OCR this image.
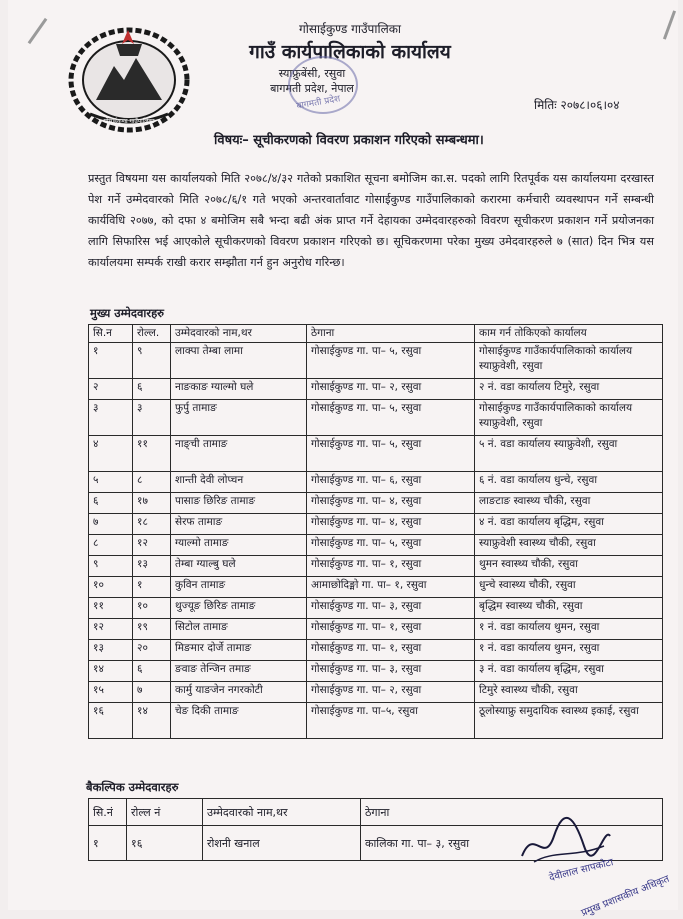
गोसाईकुण्ड गाउँपालिका
गोसाईकुण्ड गाउँपालिका
गाउँ कार्यपालिकाको कार्यालय
स्याफ्रुबेंसी, रसुवा
बागमती प्रदेश, नेपाल
बागमती प्रदेश	मितिः २०७८।०६।०४
विषयः– सूचीकरणको विवरण प्रकाशन गरिएको सम्बन्धमा।

प्रस्तुत विषयमा यस कार्यालयको मिति २०७८/४/३२ गतेको प्रकाशित सूचना बमोजिम का.स. पदको लागि रितपूर्वक यस कार्यालयमा दरखास्त पेश गर्ने उम्मेदवारको मिति २०७८/६/१ गते भएको अन्तरवार्तावाट गोसाईकुण्ड गाउँपालिकाको करारमा कर्मचारी व्यवस्थापन गर्ने सम्बन्धी कार्यविधि २०७७, को दफा ४ बमोजिम सबै भन्दा बढी अंक प्राप्त गर्ने देहायका उम्मेदवारहरुको विवरण सूचीकरण प्रकाशन गर्ने प्रयोजनका लागि सिफारिस भई आएकोले सूचीकरणको विवरण प्रकाशन गरिएको छ। सूचिकरणमा परेका मुख्य उमेदवारहरुले ७ (सात) दिन भित्र यस कार्यालयमा सम्पर्क राखी करार सम्झौता गर्न हुन अनुरोध गरिन्छ।

मुख्य उम्मेदवारहरु
सि.न	रोल्ल.	उम्मेदवारको नाम,थर	ठेगाना	काम गर्न तोकिएको कार्यालय
१	९	लाक्पा तेम्बा लामा	गोसाईकुण्ड गा. पा– ५, रसुवा	गोसाईकुण्ड गाउँकार्यपालिकाको कार्यालय स्याफ्रुवेशी, रसुवा
२	६	नाङकाङ ग्याल्मो घले	गोसाईकुण्ड गा. पा– २, रसुवा	२ नं. वडा कार्यालय टिमुरे, रसुवा
३	३	फुर्पु तामाङ	गोसाईकुण्ड गा. पा– ५, रसुवा	गोसाईकुण्ड गाउँकार्यपालिकाको कार्यालय स्याफ्रुवेशी, रसुवा
४	११	नाङ्ची तामाङ	गोसाईकुण्ड गा. पा– ५, रसुवा	५ नं. वडा कार्यालय स्याफ्रुवेशी, रसुवा
५	८	शान्ती देवी लोप्चन	गोसाईकुण्ड गा. पा– ६, रसुवा	६ नं. वडा कार्यालय धुन्चे, रसुवा
६	१७	पासाङ छिरिङ तामाङ	गोसाईकुण्ड गा. पा– ४, रसुवा	लाङटाङ स्वास्थ्य चौकी, रसुवा
७	१८	सेरफ तामाङ	गोसाईकुण्ड गा. पा– ४, रसुवा	४ नं. वडा कार्यालय बृद्धिम, रसुवा
८	१२	ग्याल्मो तामाङ	गोसाईकुण्ड गा. पा– ५, रसुवा	स्याफ्रुवेशी स्वास्थ्य चौकी, रसुवा
९	१३	तेम्बा ग्याल्बु घले	गोसाईकुण्ड गा. पा– १, रसुवा	थुमन स्वास्थ्य चौकी, रसुवा
१०	१	कुविन तामाङ	आमाछोदिङ्मो गा. पा– १, रसुवा	धुन्चे स्वास्थ्य चौकी, रसुवा
११	१०	थुज्यूङ छिरिङ तामाङ	गोसाईकुण्ड गा. पा– ३, रसुवा	बृद्धिम स्वास्थ्य चौकी, रसुवा
१२	१९	सिटोल तामाङ	गोसाईकुण्ड गा. पा– १, रसुवा	१ नं. वडा कार्यालय थुमन, रसुवा
१३	२०	मिङमार दोर्जे तामाङ	गोसाईकुण्ड गा. पा– १, रसुवा	१ नं. वडा कार्यालय थुमन, रसुवा
१४	६	ङवाङ तेन्जिन तमाङ	गोसाईकुण्ड गा. पा– ३, रसुवा	३ नं. वडा कार्यालय बृद्धिम, रसुवा
१५	७	कार्मु याङजेन नगरकोटी	गोसाईकुण्ड गा. पा– २, रसुवा	टिमुरे स्वास्थ्य चौकी, रसुवा
१६	१४	चेङ दिकी तामाङ	गोसाईकुण्ड गा. पा–५, रसुवा	ठूलोस्याफ्रु समुदायिक स्वास्थ्य इकाई, रसुवा
बैकल्पिक उम्मेदवारहरु
सि.नं	रोल्ल नं	उम्मेदवारको नाम,थर	ठेगाना
१	१६	रोशनी खनाल	कालिका गा. पा– ३, रसुवा
देवीलाल सापकोटा
प्रमुख प्रशासकीय अधिकृत
